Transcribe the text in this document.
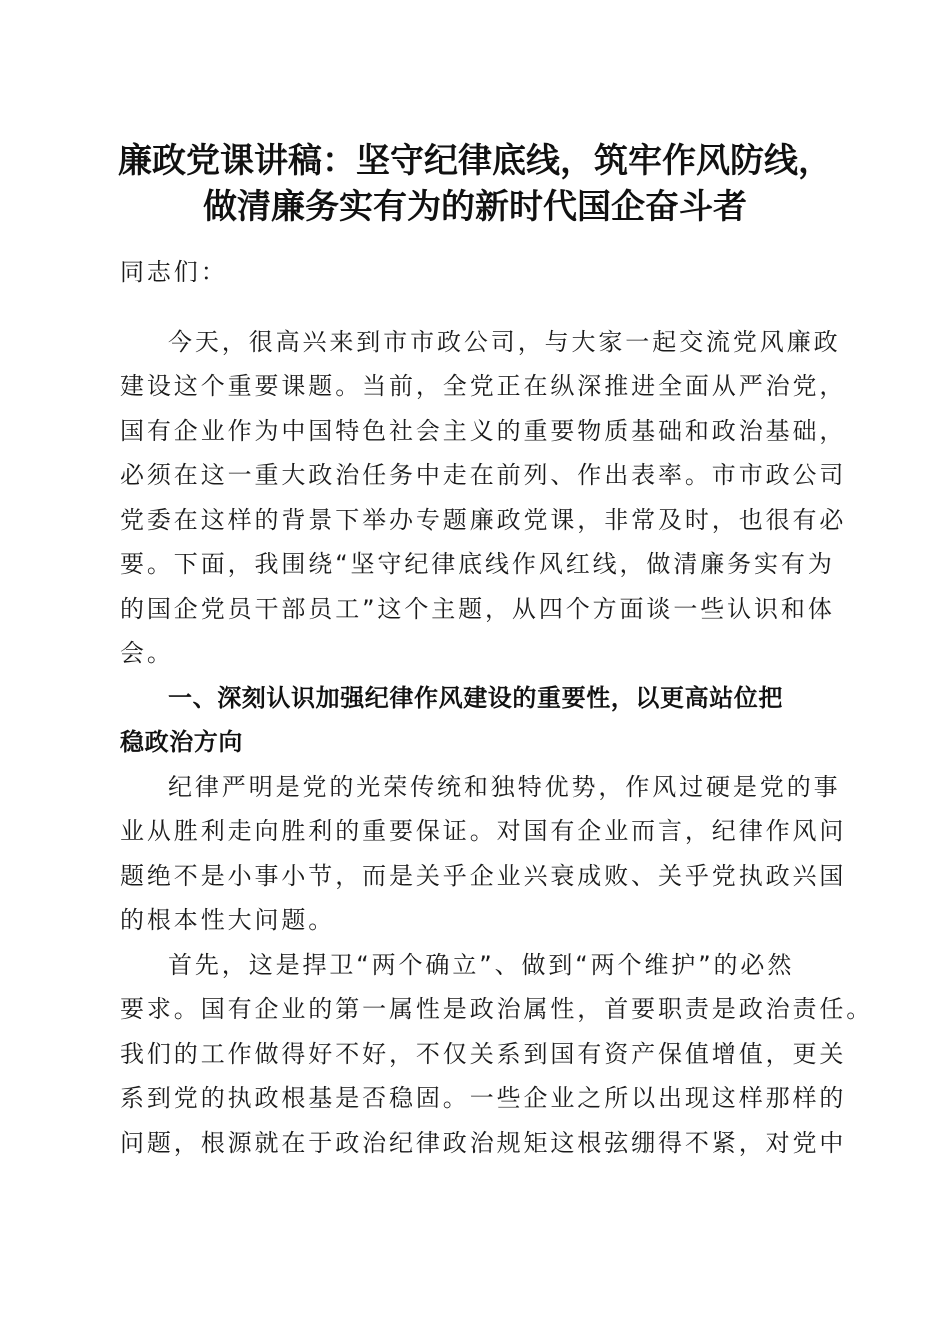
廉政党课讲稿：坚守纪律底线，筑牢作风防线，
做清廉务实有为的新时代国企奋斗者
同志们：
今天，很高兴来到市市政公司，与大家一起交流党风廉政
建设这个重要课题。当前，全党正在纵深推进全面从严治党，
国有企业作为中国特色社会主义的重要物质基础和政治基础，
必须在这一重大政治任务中走在前列、作出表率。市市政公司
党委在这样的背景下举办专题廉政党课，非常及时，也很有必
要。下面，我围绕“坚守纪律底线作风红线，做清廉务实有为
的国企党员干部员工”这个主题，从四个方面谈一些认识和体
会。
一、深刻认识加强纪律作风建设的重要性，以更高站位把
稳政治方向
纪律严明是党的光荣传统和独特优势，作风过硬是党的事
业从胜利走向胜利的重要保证。对国有企业而言，纪律作风问
题绝不是小事小节，而是关乎企业兴衰成败、关乎党执政兴国
的根本性大问题。
首先，这是捍卫“两个确立”、做到“两个维护”的必然
要求。国有企业的第一属性是政治属性，首要职责是政治责任。
我们的工作做得好不好，不仅关系到国有资产保值增值，更关
系到党的执政根基是否稳固。一些企业之所以出现这样那样的
问题，根源就在于政治纪律政治规矩这根弦绷得不紧，对党中
